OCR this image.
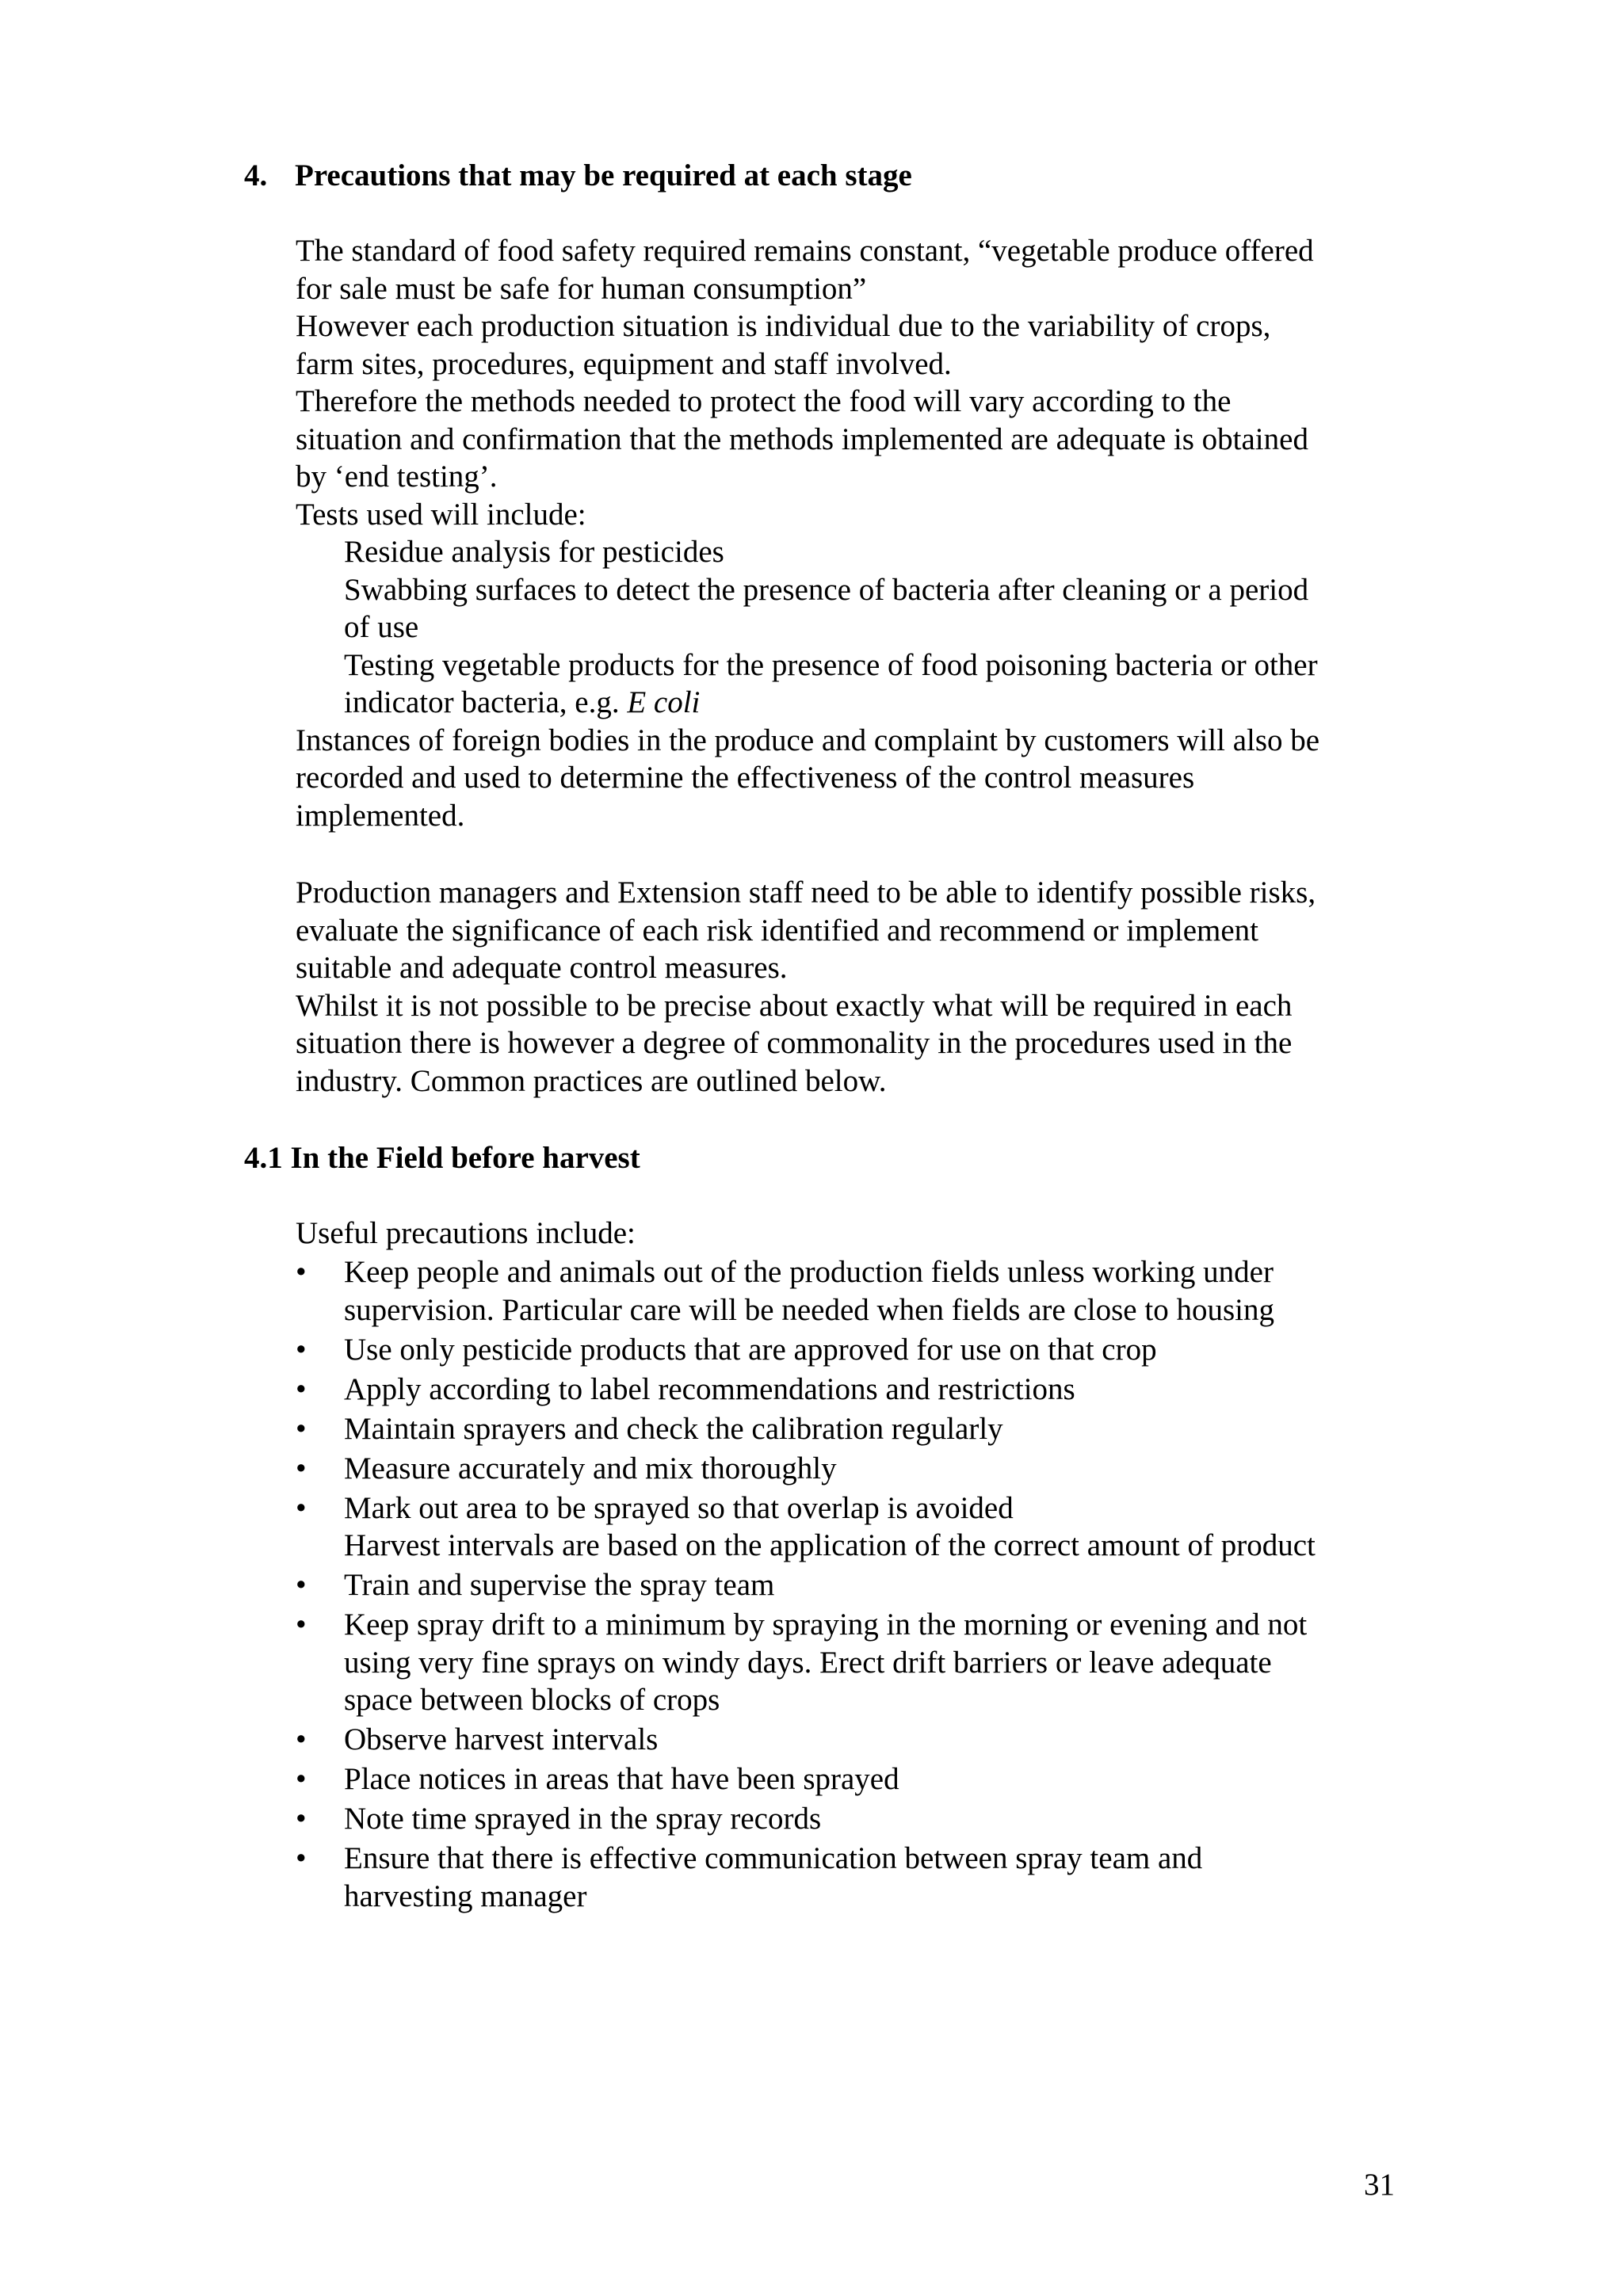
4. Precautions that may be required at each stage

The standard of food safety required remains constant, “vegetable produce offered

for sale must be safe for human consumption”

However each production situation is individual due to the variability of crops,

farm sites, procedures, equipment and staff involved.

Therefore the methods needed to protect the food will vary according to the

situation and confirmation that the methods implemented are adequate is obtained

by ‘end testing’.

Tests used will include:

Residue analysis for pesticides

Swabbing surfaces to detect the presence of bacteria after cleaning or a period

of use

Testing vegetable products for the presence of food poisoning bacteria or other

indicator bacteria, e.g. E coli

Instances of foreign bodies in the produce and complaint by customers will also be

recorded and used to determine the effectiveness of the control measures

implemented.

Production managers and Extension staff need to be able to identify possible risks,

evaluate the significance of each risk identified and recommend or implement

suitable and adequate control measures.

Whilst it is not possible to be precise about exactly what will be required in each

situation there is however a degree of commonality in the procedures used in the

industry. Common practices are outlined below.

4.1 In the Field before harvest

Useful precautions include:

•	Keep people and animals out of the production fields unless working under
supervision. Particular care will be needed when fields are close to housing
•	Use only pesticide products that are approved for use on that crop
•	Apply according to label recommendations and restrictions
•	Maintain sprayers and check the calibration regularly
•	Measure accurately and mix thoroughly
•	Mark out area to be sprayed so that overlap is avoided
Harvest intervals are based on the application of the correct amount of product
•	Train and supervise the spray team
•	Keep spray drift to a minimum by spraying in the morning or evening and not
using very fine sprays on windy days. Erect drift barriers or leave adequate
space between blocks of crops
•	Observe harvest intervals
•	Place notices in areas that have been sprayed
•	Note time sprayed in the spray records
•	Ensure that there is effective communication between spray team and
harvesting manager
31
